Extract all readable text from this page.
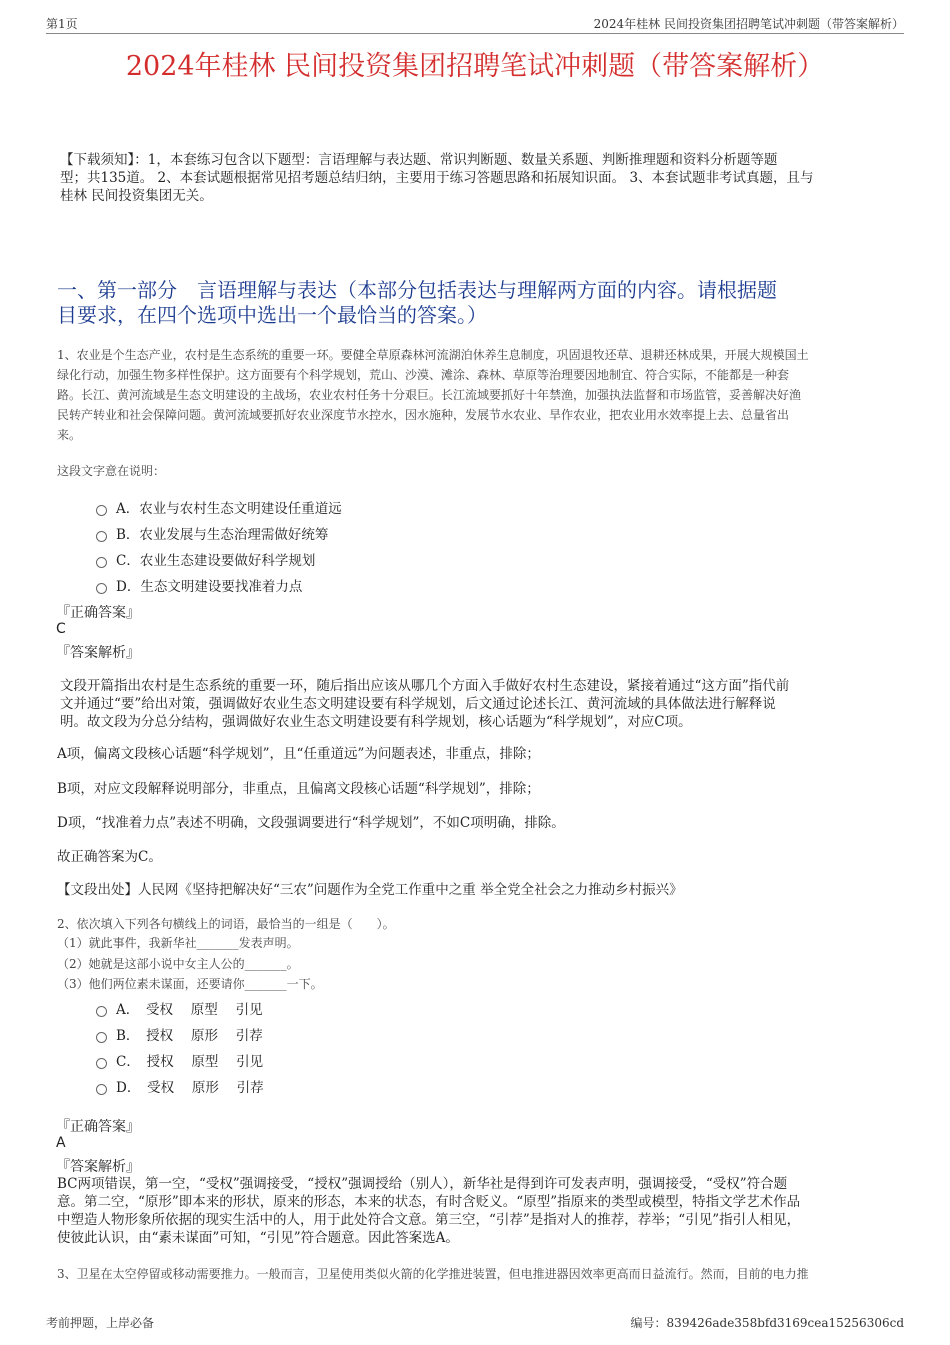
第1页	2024年桂林 民间投资集团招聘笔试冲刺题（带答案解析）
2024年桂林 民间投资集团招聘笔试冲刺题（带答案解析）
【下载须知】：1，本套练习包含以下题型：言语理解与表达题、常识判断题、数量关系题、判断推理题和资料分析题等题
型；共135道。 2、本套试题根据常见招考题总结归纳，主要用于练习答题思路和拓展知识面。 3、本套试题非考试真题，且与
桂林 民间投资集团无关。
一、第一部分　言语理解与表达（本部分包括表达与理解两方面的内容。请根据题
目要求，在四个选项中选出一个最恰当的答案。）
1、农业是个生态产业，农村是生态系统的重要一环。要健全草原森林河流湖泊休养生息制度，巩固退牧还草、退耕还林成果，开展大规模国土
绿化行动，加强生物多样性保护。这方面要有个科学规划，荒山、沙漠、滩涂、森林、草原等治理要因地制宜、符合实际，不能都是一种套
路。长江、黄河流域是生态文明建设的主战场，农业农村任务十分艰巨。长江流域要抓好十年禁渔，加强执法监督和市场监管，妥善解决好渔
民转产转业和社会保障问题。黄河流域要抓好农业深度节水控水，因水施种，发展节水农业、旱作农业，把农业用水效率提上去、总量省出
来。
这段文字意在说明：
A．农业与农村生态文明建设任重道远
B．农业发展与生态治理需做好统筹
C．农业生态建设要做好科学规划
D．生态文明建设要找准着力点
『正确答案』
C
『答案解析』
文段开篇指出农村是生态系统的重要一环，随后指出应该从哪几个方面入手做好农村生态建设，紧接着通过“这方面”指代前
文并通过“要”给出对策，强调做好农业生态文明建设要有科学规划，后文通过论述长江、黄河流域的具体做法进行解释说
明。故文段为分总分结构，强调做好农业生态文明建设要有科学规划，核心话题为“科学规划”，对应C项。
A项，偏离文段核心话题“科学规划”，且“任重道远”为问题表述，非重点，排除；
B项，对应文段解释说明部分，非重点，且偏离文段核心话题“科学规划”，排除；
D项，“找准着力点”表述不明确，文段强调要进行“科学规划”，不如C项明确，排除。
故正确答案为C。
【文段出处】人民网《坚持把解决好“三农”问题作为全党工作重中之重 举全党全社会之力推动乡村振兴》
2、依次填入下列各句横线上的词语，最恰当的一组是（　　）。
（1）就此事件，我新华社_______发表声明。
（2）她就是这部小说中女主人公的_______。
（3）他们两位素未谋面，还要请你_______一下。
A．　受权　 原型　 引见
B．　授权　 原形　 引荐
C．　授权　 原型　 引见
D．　受权　 原形　 引荐
『正确答案』
A
『答案解析』
BC两项错误，第一空，“受权”强调接受，“授权”强调授给（别人），新华社是得到许可发表声明，强调接受，“受权”符合题
意。第二空，“原形”即本来的形状，原来的形态，本来的状态，有时含贬义。“原型”指原来的类型或模型，特指文学艺术作品
中塑造人物形象所依据的现实生活中的人，用于此处符合文意。第三空，“引荐”是指对人的推荐，荐举；“引见”指引人相见，
使彼此认识，由“素未谋面”可知，“引见”符合题意。因此答案选A。
3、卫星在太空停留或移动需要推力。一般而言，卫星使用类似火箭的化学推进装置，但电推进器因效率更高而日益流行。然而，目前的电力推
考前押题，上岸必备	编号：839426ade358bfd3169cea15256306cd
